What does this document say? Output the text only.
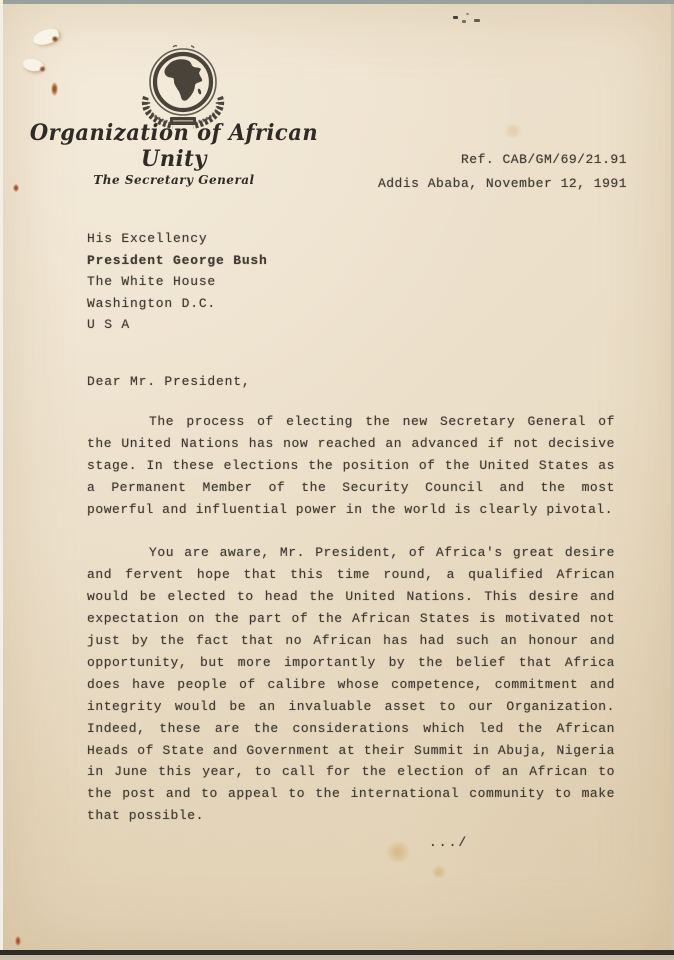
Organization of African Unity
The Secretary General
Ref. CAB/GM/69/21.91
Addis Ababa, November 12, 1991
His Excellency
President George Bush
The White House
Washington D.C.
U S A
Dear Mr. President,

The process of electing the new Secretary General of the United Nations has now reached an advanced if not decisive stage. In these elections the position of the United States as a Permanent Member of the Security Council and the most powerful and influential power in the world is clearly pivotal.

You are aware, Mr. President, of Africa's great desire and fervent hope that this time round, a qualified African would be elected to head the United Nations. This desire and expectation on the part of the African States is motivated not just by the fact that no African has had such an honour and opportunity, but more importantly by the belief that Africa does have people of calibre whose competence, commitment and integrity would be an invaluable asset to our Organization. Indeed, these are the considerations which led the African Heads of State and Government at their Summit in Abuja, Nigeria in June this year, to call for the election of an African to the post and to appeal to the international community to make that possible.

.../
